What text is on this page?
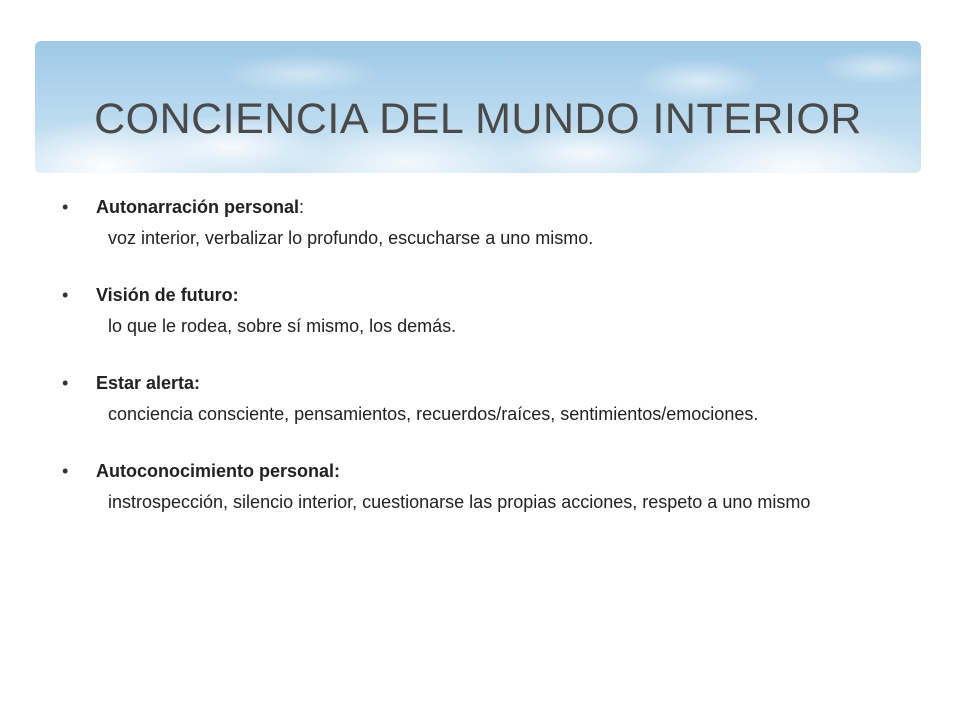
CONCIENCIA DEL MUNDO INTERIOR
• Autonarración personal:
voz interior, verbalizar lo profundo, escucharse a uno mismo.
• Visión de futuro:
lo que le rodea, sobre sí mismo, los demás.
• Estar alerta:
conciencia consciente, pensamientos, recuerdos/raíces, sentimientos/emociones.
• Autoconocimiento personal:
instrospección, silencio interior, cuestionarse las propias acciones, respeto a uno mismo
